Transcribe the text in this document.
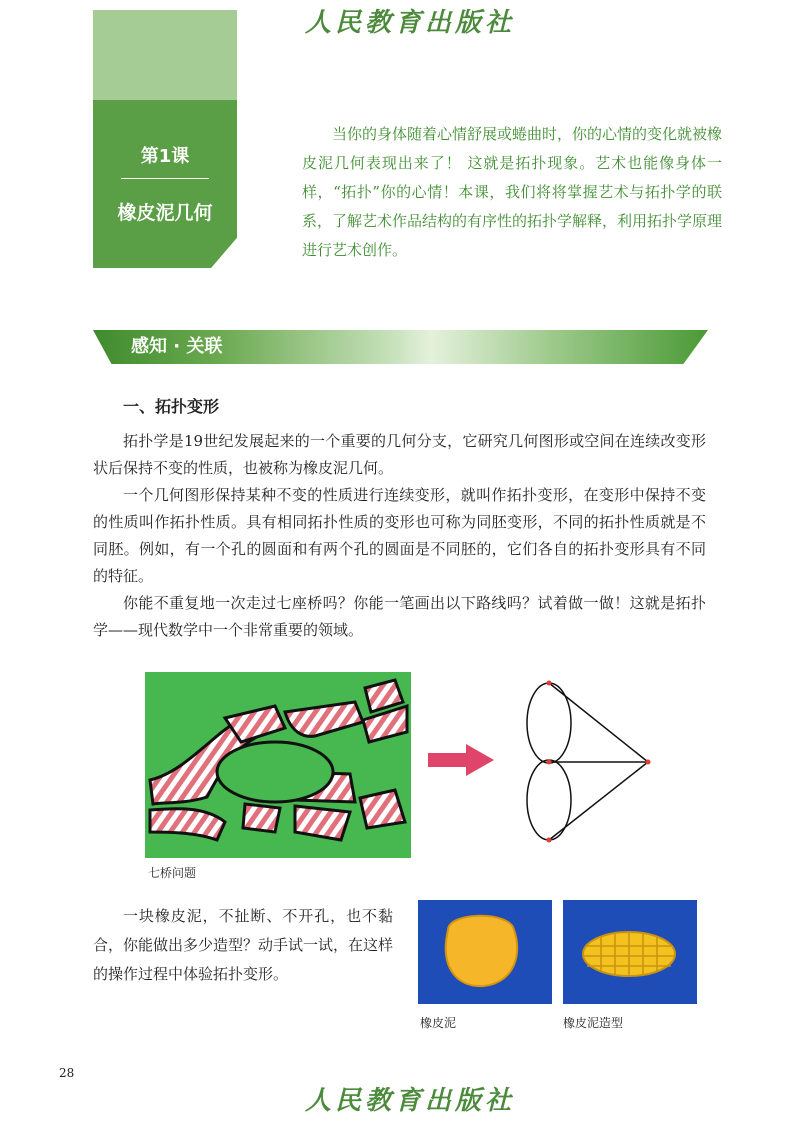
人民教育出版社
第1课
橡皮泥几何

当你的身体随着心情舒展或蜷曲时，你的心情的变化就被橡皮泥几何表现出来了！ 这就是拓扑现象。艺术也能像身体一样，“拓扑”你的心情！本课，我们将将掌握艺术与拓扑学的联系，了解艺术作品结构的有序性的拓扑学解释，利用拓扑学原理进行艺术创作。

感知 · 关联
一、拓扑变形

拓扑学是19世纪发展起来的一个重要的几何分支，它研究几何图形或空间在连续改变形状后保持不变的性质，也被称为橡皮泥几何。

一个几何图形保持某种不变的性质进行连续变形，就叫作拓扑变形，在变形中保持不变的性质叫作拓扑性质。具有相同拓扑性质的变形也可称为同胚变形，不同的拓扑性质就是不同胚。例如，有一个孔的圆面和有两个孔的圆面是不同胚的，它们各自的拓扑变形具有不同的特征。

你能不重复地一次走过七座桥吗？你能一笔画出以下路线吗？试着做一做！这就是拓扑学——现代数学中一个非常重要的领域。

七桥问题

一块橡皮泥，不扯断、不开孔，也不黏合，你能做出多少造型？动手试一试，在这样的操作过程中体验拓扑变形。

橡皮泥	橡皮泥造型
28
人民教育出版社
